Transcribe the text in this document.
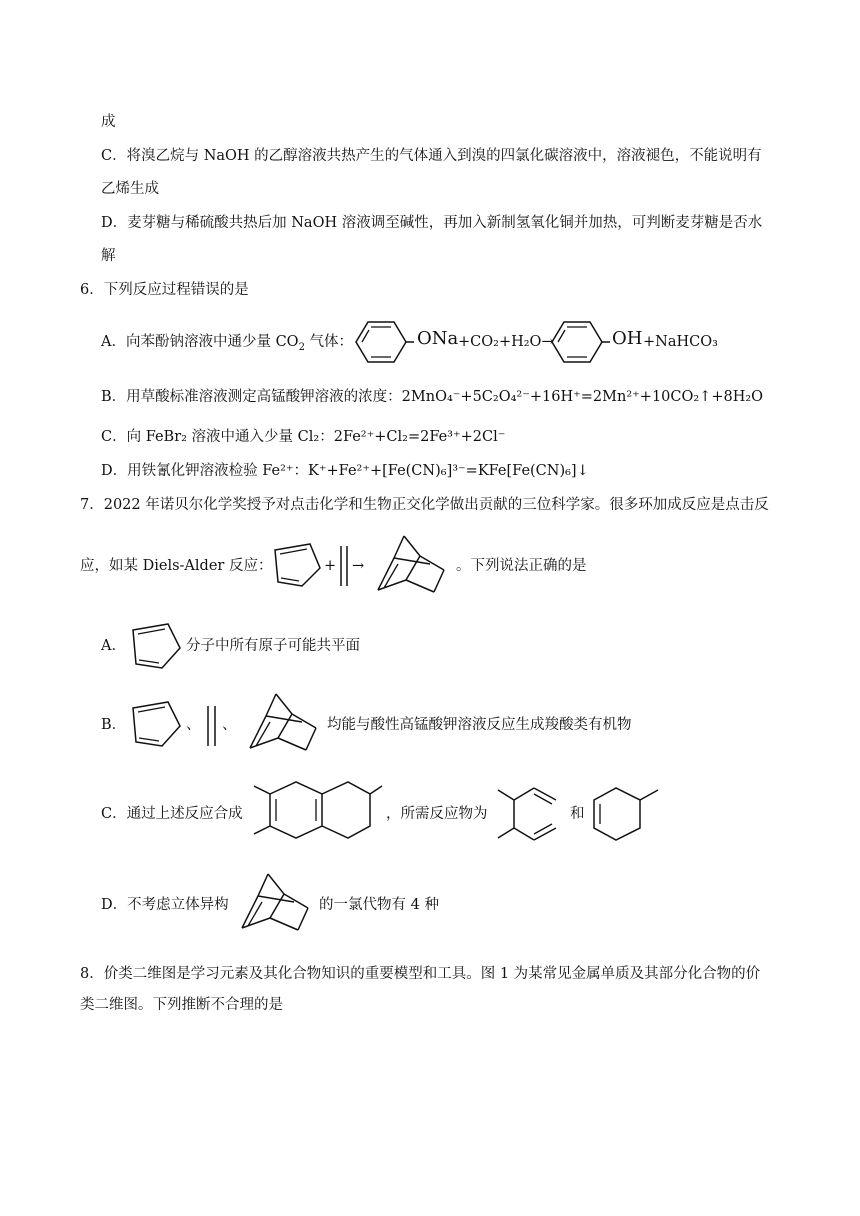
成
C．将溴乙烷与 NaOH 的乙醇溶液共热产生的气体通入到溴的四氯化碳溶液中，溶液褪色，不能说明有
乙烯生成
D．麦芽糖与稀硫酸共热后加 NaOH 溶液调至碱性，再加入新制氢氧化铜并加热，可判断麦芽糖是否水
解
6．下列反应过程错误的是
A．向苯酚钠溶液中通少量 $CO_2$ 气体：	ONa +CO₂+H₂O→	OH +NaHCO₃
B．用草酸标准溶液测定高锰酸钾溶液的浓度：2MnO₄⁻+5C₂O₄²⁻+16H⁺=2Mn²⁺+10CO₂↑+8H₂O
C．向 FeBr₂ 溶液中通入少量 Cl₂：2Fe²⁺+Cl₂=2Fe³⁺+2Cl⁻
D．用铁氰化钾溶液检验 Fe²⁺：K⁺+Fe²⁺+[Fe(CN)₆]³⁻=KFe[Fe(CN)₆]↓
7．2022 年诺贝尔化学奖授予对点击化学和生物正交化学做出贡献的三位科学家。很多环加成反应是点击反
应，如某 Diels-Alder 反应：	+ →	。下列说法正确的是
A．	分子中所有原子可能共平面
B．	、 、	均能与酸性高锰酸钾溶液反应生成羧酸类有机物
C．通过上述反应合成	，所需反应物为	和
D．不考虑立体异构	的一氯代物有 4 种
8．价类二维图是学习元素及其化合物知识的重要模型和工具。图 1 为某常见金属单质及其部分化合物的价
类二维图。下列推断不合理的是
